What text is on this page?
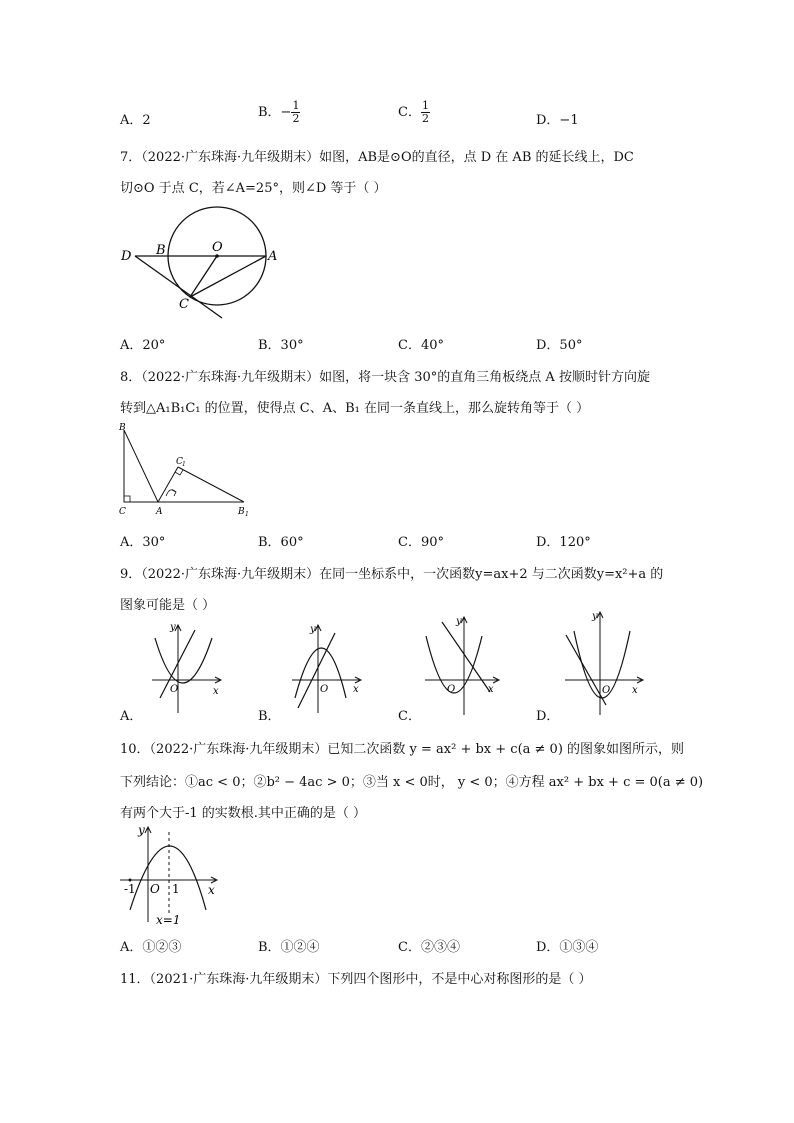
A．2
B．− $\frac{1}{2}$	C． $\frac{1}{2}$	D．−1
7．（2022·广东珠海·九年级期末）如图，AB是⊙O的直径，点 D 在 AB 的延长线上，DC
切⊙O 于点 C，若∠A=25°，则∠D 等于（ ）
D B	O
A
C
A．20°	B．30°	C．40°	D．50°
8．（2022·广东珠海·九年级期末）如图，将一块含 30°的直角三角板绕点 A 按顺时针方向旋
转到△A₁B₁C₁ 的位置，使得点 C、A、B₁ 在同一条直线上，那么旋转角等于（ ）
B
C	A	B 1
C 1
A．30°	B．60°	C．90°	D．120°
9．（2022·广东珠海·九年级期末）在同一坐标系中，一次函数y=ax+2 与二次函数y=x²+a 的
图象可能是（ ）
y
x
O
A．
y
x
O
B．
y
x
O
C．
y
x
O
D．
10．（2022·广东珠海·九年级期末）已知二次函数 y = ax² + bx + c(a ≠ 0) 的图象如图所示，则
下列结论：①ac < 0；②b² − 4ac > 0；③当 x < 0时， y < 0；④方程 ax² + bx + c = 0(a ≠ 0)
有两个大于-1 的实数根.其中正确的是（ ）
y
x
O
-1	1
x=1
A．①②③	B．①②④	C．②③④	D．①③④
11．（2021·广东珠海·九年级期末）下列四个图形中，不是中心对称图形的是（ ）
